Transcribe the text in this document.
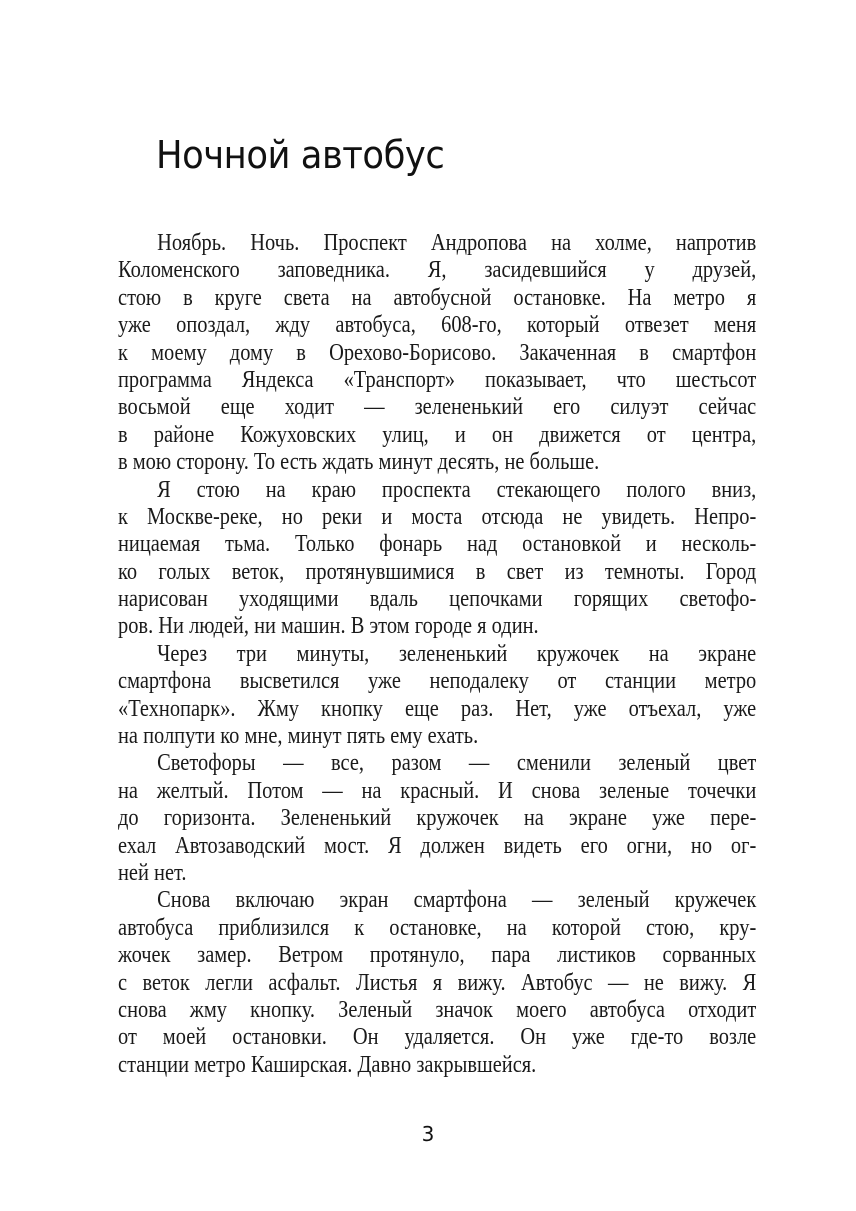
Ночной автобус
Ноябрь. Ночь. Проспект Андропова на холме, напротив
Коломенского заповедника. Я, засидевшийся у друзей,
стою в круге света на автобусной остановке. На метро я
уже опоздал, жду автобуса, 608-го, который отвезет меня
к моему дому в Орехово-Борисово. Закаченная в смартфон
программа Яндекса «Транспорт» показывает, что шестьсот
восьмой еще ходит — зелененький его силуэт сейчас
в районе Кожуховских улиц, и он движется от центра,
в мою сторону. То есть ждать минут десять, не больше.
Я стою на краю проспекта стекающего полого вниз,
к Москве-реке, но реки и моста отсюда не увидеть. Непро-
ницаемая тьма. Только фонарь над остановкой и несколь-
ко голых веток, протянувшимися в свет из темноты. Город
нарисован уходящими вдаль цепочками горящих светофо-
ров. Ни людей, ни машин. В этом городе я один.
Через три минуты, зелененький кружочек на экране
смартфона высветился уже неподалеку от станции метро
«Технопарк». Жму кнопку еще раз. Нет, уже отъехал, уже
на полпути ко мне, минут пять ему ехать.
Светофоры — все, разом — сменили зеленый цвет
на желтый. Потом — на красный. И снова зеленые точечки
до горизонта. Зелененький кружочек на экране уже пере-
ехал Автозаводский мост. Я должен видеть его огни, но ог-
ней нет.
Снова включаю экран смартфона — зеленый кружечек
автобуса приблизился к остановке, на которой стою, кру-
жочек замер. Ветром протянуло, пара листиков сорванных
с веток легли асфальт. Листья я вижу. Автобус — не вижу. Я
снова жму кнопку. Зеленый значок моего автобуса отходит
от моей остановки. Он удаляется. Он уже где-то возле
станции метро Каширская. Давно закрывшейся.
3
